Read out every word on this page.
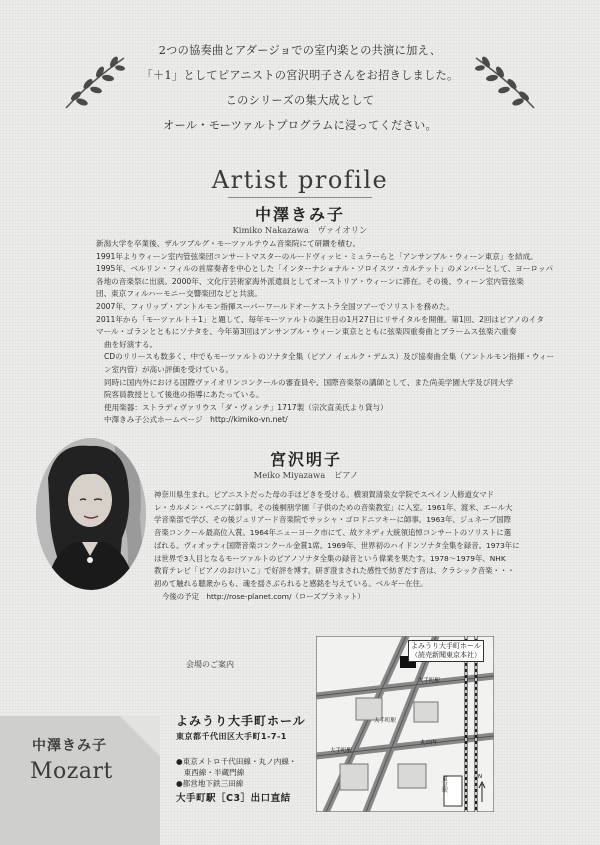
2つの協奏曲とアダージョでの室内楽との共演に加え、
「＋1」としてピアニストの宮沢明子さんをお招きしました。
このシリーズの集大成として
オール・モーツァルトプログラムに浸ってください。
Artist profile
中澤きみ子
Kimiko Nakazawa ヴァイオリン

新潟大学を卒業後、ザルツブルグ・モーツァルテウム音楽院にて研鑽を積む。

1991年よりウィーン室内管弦楽団コンサートマスターのルードヴィッヒ・ミュラーらと「アンサンブル・ウィーン東京」を結成。

1995年、ベルリン・フィルの首席奏者を中心とした「インターナショナル・ソロイスツ・カルテット」のメンバーとして、ヨーロッパ

各地の音楽祭に出演。2000年、文化庁芸術家海外派遣員としてオーストリア・ウィーンに滞在。その後、ウィーン室内管弦楽

団、東京フィルハーモニー交響楽団などと共演。

2007年、フィリップ・アントルモン指揮スーパーワールドオーケストラ全国ツアーでソリストを務めた。

2011年から「モーツァルト＋1」と題して、毎年モーツァルトの誕生日の1月27日にリサイタルを開催。第1回、2回はピアノのイタ

マール・ゴランとともにソナタを、今年第3回はアンサンブル・ウィーン東京とともに弦楽四重奏曲とブラームス弦楽六重奏

曲を好演する。

CDのリリースも数多く、中でもモーツァルトのソナタ全集（ピアノ イェルク・デムス）及び協奏曲全集（アントルモン指揮・ウィー

ン室内管）が高い評価を受けている。

同時に国内外における国際ヴァイオリンコンクールの審査員や、国際音楽祭の講師として、また尚美学園大学及び同大学

院客員教授として後進の指導にあたっている。

使用楽器：ストラディヴァリウス「ダ・ヴィンチ」1717製（宗次直美氏より貸与）

中澤きみ子公式ホームページ　http://kimiko-vn.net/

宮沢明子
Meiko Miyazawa ピアノ

神奈川県生まれ。ピアニストだった母の手ほどきを受ける。横須賀清泉女学院でスペイン人修道女マド

レ・カルメン・ペニアに師事。その後桐朋学園「子供のための音楽教室」に入室。1961年、渡米、エール大

学音楽部で学び、その後ジュリアード音楽院でサッシャ・ゴロドニツキーに師事。1963年、ジュネーブ国際

音楽コンクール最高位入賞。1964年ニューヨーク市にて、故ケネディ大統領追悼コンサートのソリストに選

ばれる。ヴィオッティ国際音楽コンクール金賞1席。1969年、世界初のハイドンソナタ全集を録音。1973年に

は世界で3人目となるモーツァルトのピアノソナタ全集の録音という偉業を果たす。1978～1979年、NHK

教育テレビ「ピアノのおけいこ」で好評を博す。研ぎ澄まされた感性で紡ぎだす音は、クラシック音楽・・・

初めて触れる聴衆からも、魂を揺さぶられると感銘を与えている。ベルギー在住。

今後の予定　http://rose-planet.com/（ローズプラネット）

中澤きみ子
Mozart
会場のご案内
よみうり大手町ホール
東京都千代田区大手町1-7-1
●東京メトロ千代田線・丸ノ内線・
　東西線・半蔵門線
●都営地下鉄三田線
大手町駅［C3］出口直結
よみうり大手町ホール
（読売新聞東京本社）
大手町駅
大手町駅
東京駅
丸の内
大手町駅
N
